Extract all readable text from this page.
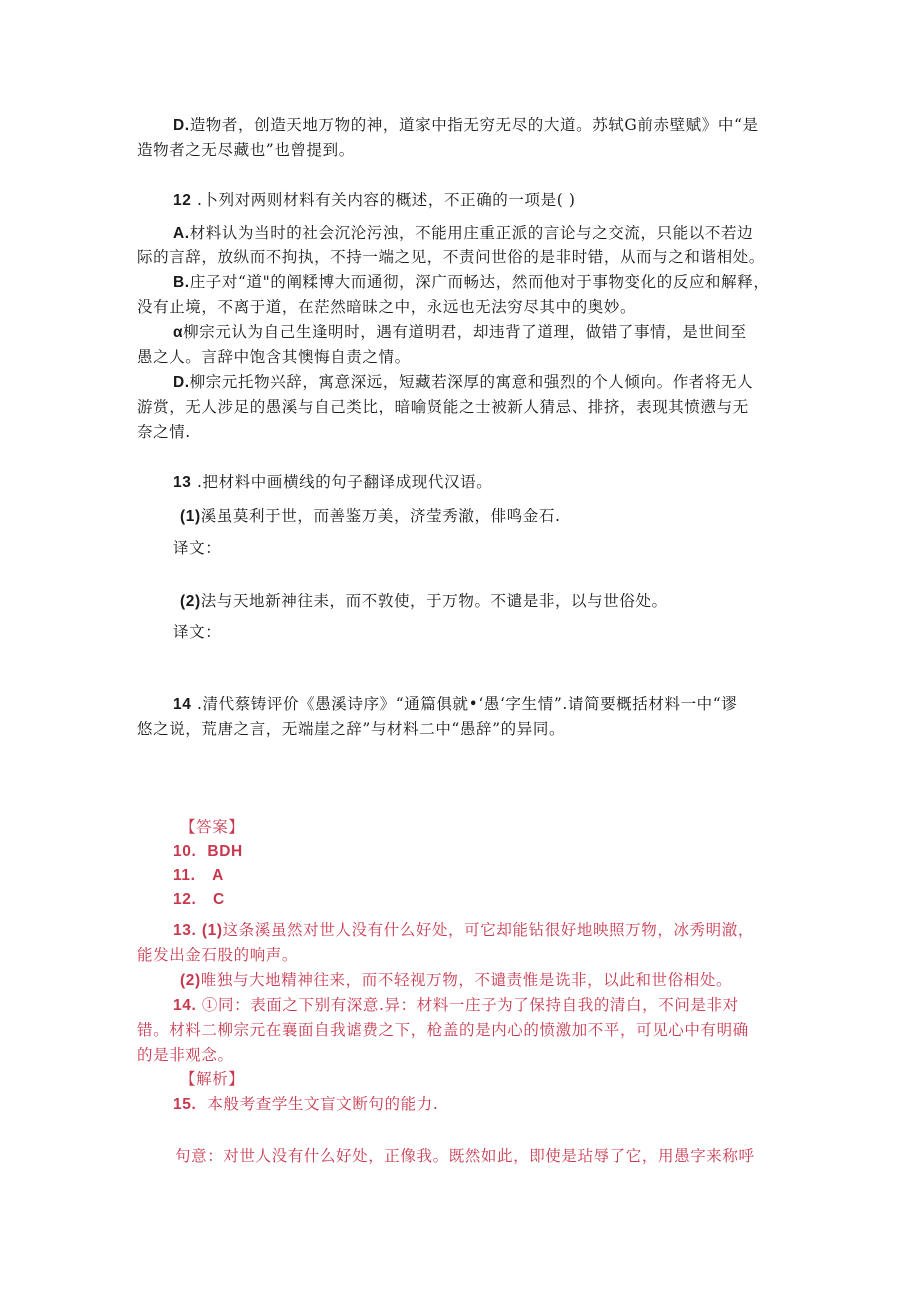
D.造物者，创造天地万物的神，道家中指无穷无尽的大道。苏轼G前赤壁赋》中“是
造物者之无尽藏也”也曾提到。
12 .卜列对两则材料有关内容的概述，不正确的一项是( )
A.材料认为当时的社会沉沦污浊，不能用庄重正派的言论与之交流，只能以不若边
际的言辞，放纵而不拘执，不持一端之见，不责问世俗的是非时错，从而与之和谐相处。
B.庄子对“道"的阐糅博大而通彻，深广而畅达，然而他对于事物变化的反应和解释，
没有止境，不离于道，在茫然暗昧之中，永远也无法穷尽其中的奥妙。
α柳宗元认为自己生逢明时，遇有道明君，却违背了道理，做错了事情，是世间至
愚之人。言辞中饱含其懊悔自责之情。
D.柳宗元托物兴辞，寓意深远，短藏若深厚的寓意和强烈的个人倾向。作者将无人
游赏，无人涉足的愚溪与自己类比，暗喻贤能之士被新人猜忌、排挤，表现其愤懑与无
奈之情.
13 .把材料中画横线的句子翻译成现代汉语。
(1)溪虽莫利于世，而善鉴万美，济莹秀澈，俳鸣金石.
译文：
(2)法与天地新神往耒，而不敦使，于万物。不谴是非，以与世俗处。
译文：
14 .清代蔡铸评价《愚溪诗序》“通篇俱就•‘愚‘字生情”.请简要概括材料一中“谬
悠之说，荒唐之言，无端崖之辞”与材料二中“愚辞”的异同。
【答案】
10. BDH
11. A
12. C
13. (1)这条溪虽然对世人没有什么好处，可它却能钻很好地映照万物，冰秀明澈，
能发出金石股的响声。
(2)唯独与大地精神往来，而不轻视万物，不谴责惟是诜非，以此和世俗相处。
14. ①同：表面之下别有深意.异：材料一庄子为了保持自我的清白，不问是非对
错。材料二柳宗元在襄面自我谑费之下，枪盖的是内心的愤激加不平，可见心中有明确
的是非观念。
【解析】
15. 本般考查学生文盲文断句的能力.
句意：对世人没有什么好处，正像我。既然如此，即使是玷辱了它，用愚字来称呼
